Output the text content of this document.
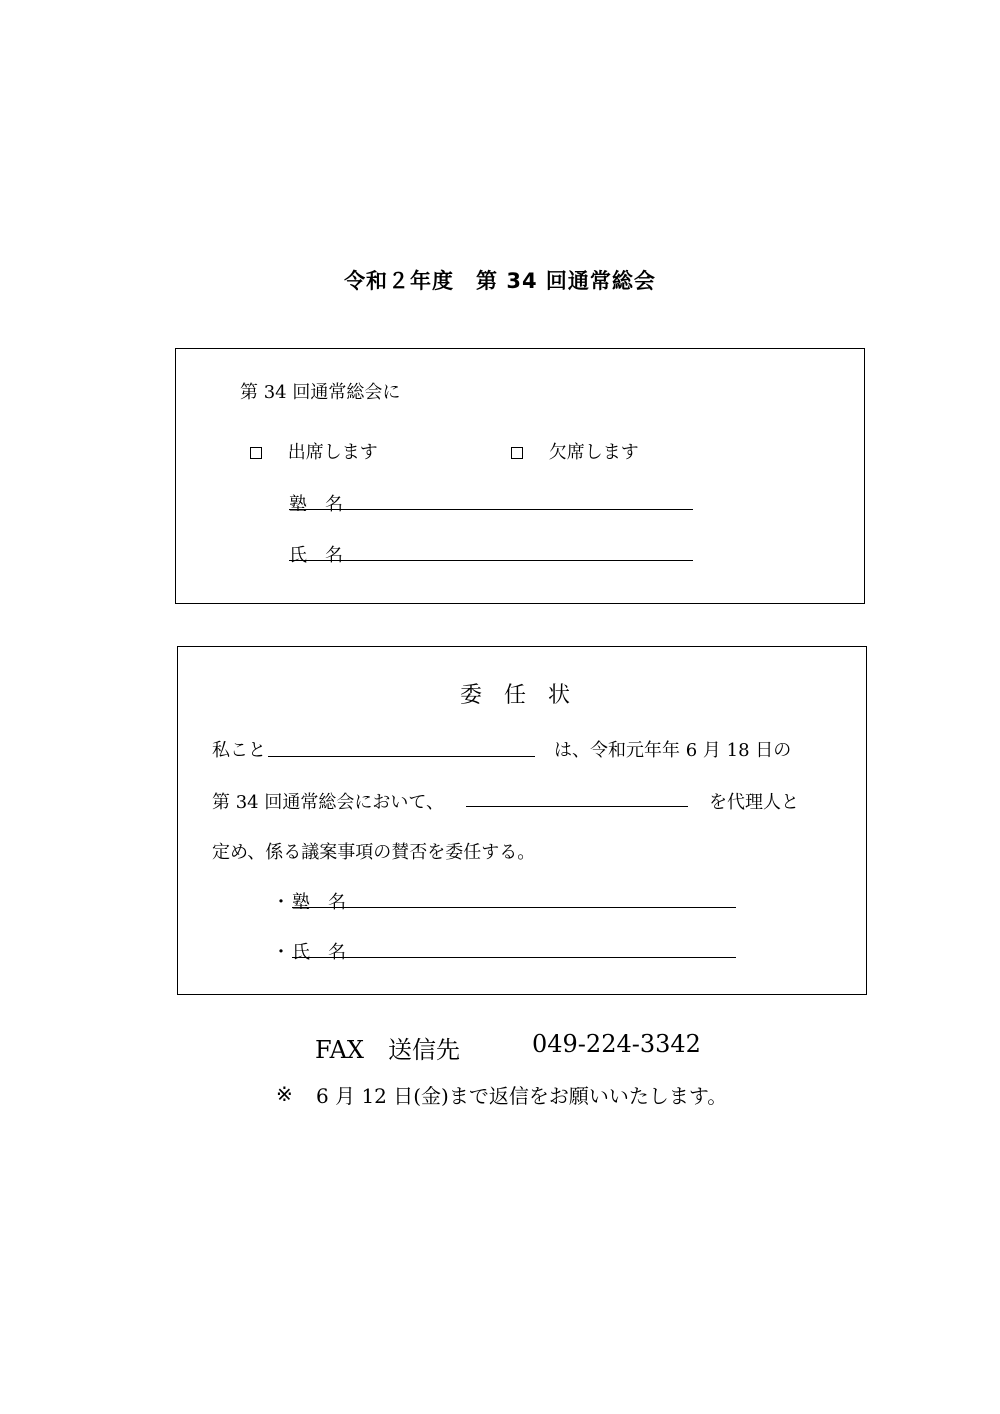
令和２年度　第 34 回通常総会
第 34 回通常総会に
出席します	欠席します
塾　名
氏　名
委任状
私こと	は、令和元年年 6 月 18 日の
第 34 回通常総会において、	を代理人と
定め、係る議案事項の賛否を委任する。
・ 塾　名
・ 氏　名
FAX　送信先	049-224-3342
※ 6 月 12 日(金)まで返信をお願いいたします。
